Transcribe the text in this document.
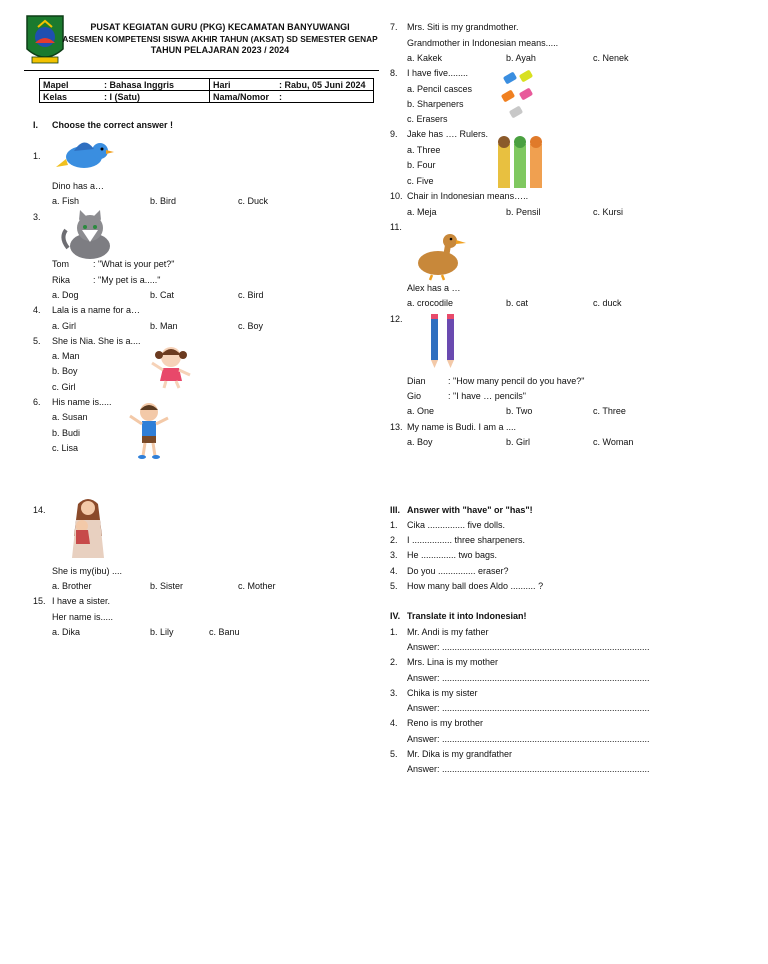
PUSAT KEGIATAN GURU (PKG) KECAMATAN BANYUWANGI
ASESMEN KOMPETENSI SISWA AKHIR TAHUN (AKSAT) SD SEMESTER GENAP
TAHUN PELAJARAN 2023 / 2024
Mapel	: Bahasa Inggris	Hari	: Rabu, 05 Juni 2024
Kelas	: I (Satu)	Nama/Nomor	:
I. Choose the correct answer !
1.
Dino has a…
a. Fish	b. Bird	c. Duck
3.
Tom	: "What is your pet?"
Rika	: "My pet is a....."
a. Dog	b. Cat	c. Bird
4. Lala is a name for a…
a. Girl	b. Man	c. Boy
5. She is Nia. She is a....
a. Man
b. Boy
c. Girl
6. His name is.....
a. Susan
b. Budi
c. Lisa
14.
She is my(ibu) ....
a. Brother	b. Sister	c. Mother
15. I have a sister.
Her name is.....
a. Dika	b. Lily	c. Banu
7. Mrs. Siti is my grandmother.
Grandmother in Indonesian means.....
a. Kakek	b. Ayah	c. Nenek
8. I have five........
a. Pencil casces
b. Sharpeners
c. Erasers
9. Jake has …. Rulers.
a. Three
b. Four
c. Five
10. Chair in Indonesian means…..
a. Meja	b. Pensil	c. Kursi
11.
Alex has a …
a. crocodile	b. cat	c. duck
12.
Dian : "How many pencil do you have?"
Gio	: "I have … pencils"
a. One	b. Two	c. Three
13. My name is Budi. I am a ....
a. Boy	b. Girl	c. Woman
III. Answer with "have" or "has"!
1. Cika ............... five dolls.
2. I ................ three sharpeners.
3. He .............. two bags.
4. Do you ............... eraser?
5. How many ball does Aldo .......... ?
IV. Translate it into Indonesian!
1. Mr. Andi is my father
Answer: ...................................................................................
2. Mrs. Lina is my mother
Answer: ...................................................................................
3. Chika is my sister
Answer: ...................................................................................
4. Reno is my brother
Answer: ...................................................................................
5. Mr. Dika is my grandfather
Answer: ...................................................................................
